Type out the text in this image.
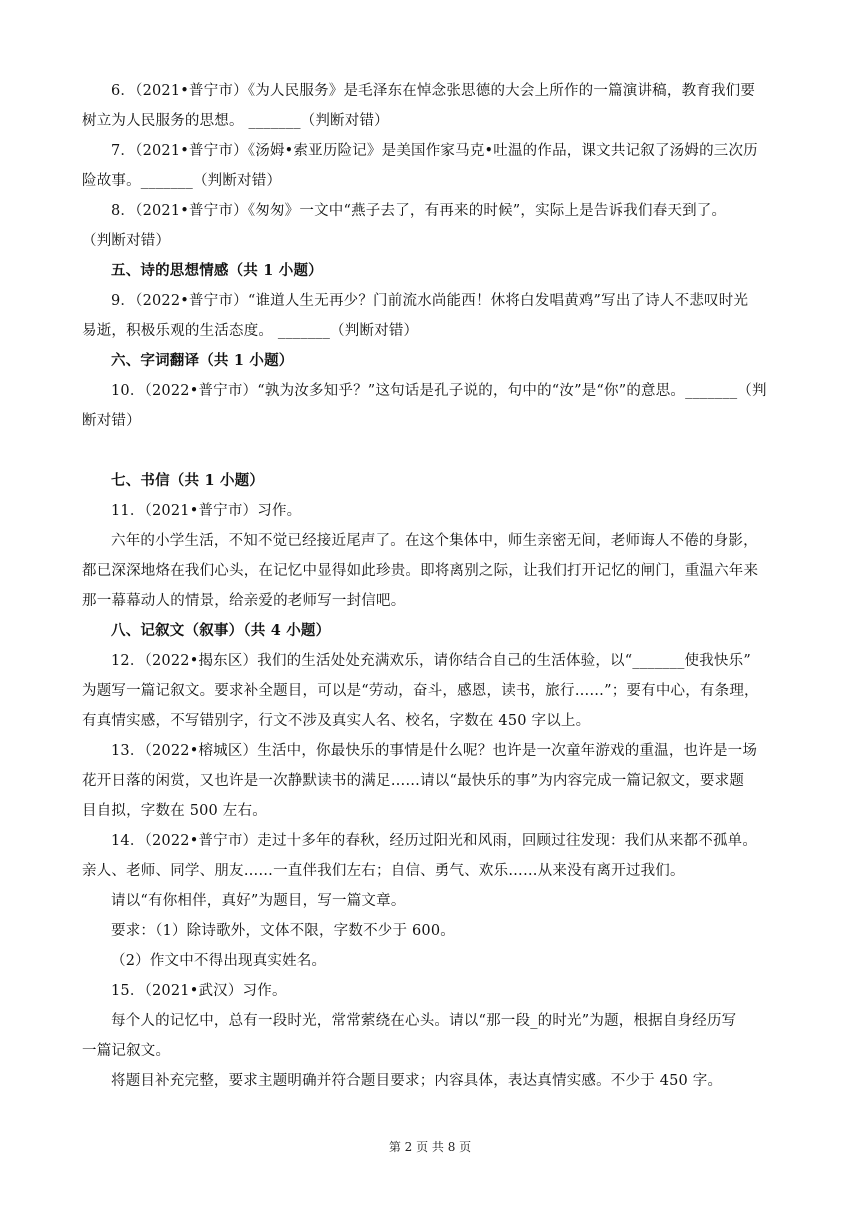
6．（2021•普宁市）《为人民服务》是毛泽东在悼念张思德的大会上所作的一篇演讲稿，教育我们要
树立为人民服务的思想。 _______（判断对错）
7．（2021•普宁市）《汤姆•索亚历险记》是美国作家马克•吐温的作品，课文共记叙了汤姆的三次历
险故事。_______（判断对错）
8．（2021•普宁市）《匆匆》一文中“燕子去了，有再来的时候”，实际上是告诉我们春天到了。
（判断对错）
五、诗的思想情感（共 1 小题）
9．（2022•普宁市）“谁道人生无再少？门前流水尚能西！休将白发唱黄鸡”写出了诗人不悲叹时光
易逝，积极乐观的生活态度。 _______（判断对错）
六、字词翻译（共 1 小题）
10．（2022•普宁市）“孰为汝多知乎？”这句话是孔子说的，句中的“汝”是“你”的意思。_______（判
断对错）
七、书信（共 1 小题）
11．（2021•普宁市）习作。
六年的小学生活，不知不觉已经接近尾声了。在这个集体中，师生亲密无间，老师诲人不倦的身影，
都已深深地烙在我们心头，在记忆中显得如此珍贵。即将离别之际，让我们打开记忆的闸门，重温六年来
那一幕幕动人的情景，给亲爱的老师写一封信吧。
八、记叙文（叙事）（共 4 小题）
12．（2022•揭东区）我们的生活处处充满欢乐，请你结合自己的生活体验，以“_______使我快乐”
为题写一篇记叙文。要求补全题目，可以是“劳动，奋斗，感恩，读书，旅行……”；要有中心，有条理，
有真情实感，不写错别字，行文不涉及真实人名、校名，字数在 450 字以上。
13．（2022•榕城区）生活中，你最快乐的事情是什么呢？也许是一次童年游戏的重温，也许是一场
花开日落的闲赏，又也许是一次静默读书的满足……请以“最快乐的事”为内容完成一篇记叙文，要求题
目自拟，字数在 500 左右。
14．（2022•普宁市）走过十多年的春秋，经历过阳光和风雨，回顾过往发现：我们从来都不孤单。
亲人、老师、同学、朋友……一直伴我们左右；自信、勇气、欢乐……从来没有离开过我们。
请以“有你相伴，真好”为题目，写一篇文章。
要求：（1）除诗歌外，文体不限，字数不少于 600。
（2）作文中不得出现真实姓名。
15．（2021•武汉）习作。
每个人的记忆中，总有一段时光，常常萦绕在心头。请以“那一段_的时光”为题，根据自身经历写
一篇记叙文。
将题目补充完整，要求主题明确并符合题目要求；内容具体，表达真情实感。不少于 450 字。
第 2 页 共 8 页
